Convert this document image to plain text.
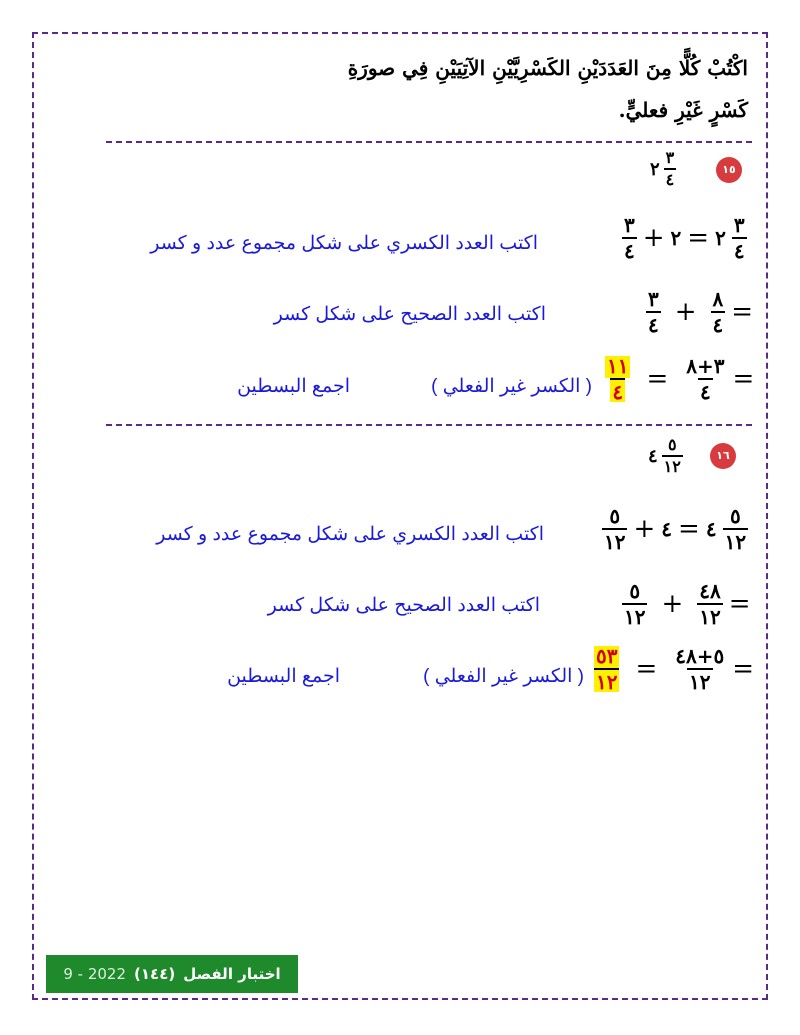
اكْتُبْ كُلًّا مِنَ العَدَدَيْنِ الكَسْرِيَّيْنِ الآتِيَيْنِ فِي صورَةِ
كَسْرٍ غَيْرِ فعليٍّ.
١٥
٢ $\frac{٣}{٤}$
$\frac{٣}{٤}$ + ٢ = ٢ $\frac{٣}{٤}$
اكتب العدد الكسري على شكل مجموع عدد و كسر
$\frac{٣}{٤} + \frac{٨}{٤}$ =
اكتب العدد الصحيح على شكل كسر
$\frac{١١}{٤} = \frac{٣+٨}{٤}$ =
( الكسر غير الفعلي )
اجمع البسطين
١٦
٤ $\frac{٥}{١٢}$
$\frac{٥}{١٢}$ + ٤ = ٤ $\frac{٥}{١٢}$
اكتب العدد الكسري على شكل مجموع عدد و كسر
$\frac{٥}{١٢} + \frac{٤٨}{١٢}$ =
اكتب العدد الصحيح على شكل كسر
$\frac{٥٣}{١٢} = \frac{٥+٤٨}{١٢}$ =
( الكسر غير الفعلي )
اجمع البسطين
اختبار الفصل
(١٤٤)
2022 - 9
